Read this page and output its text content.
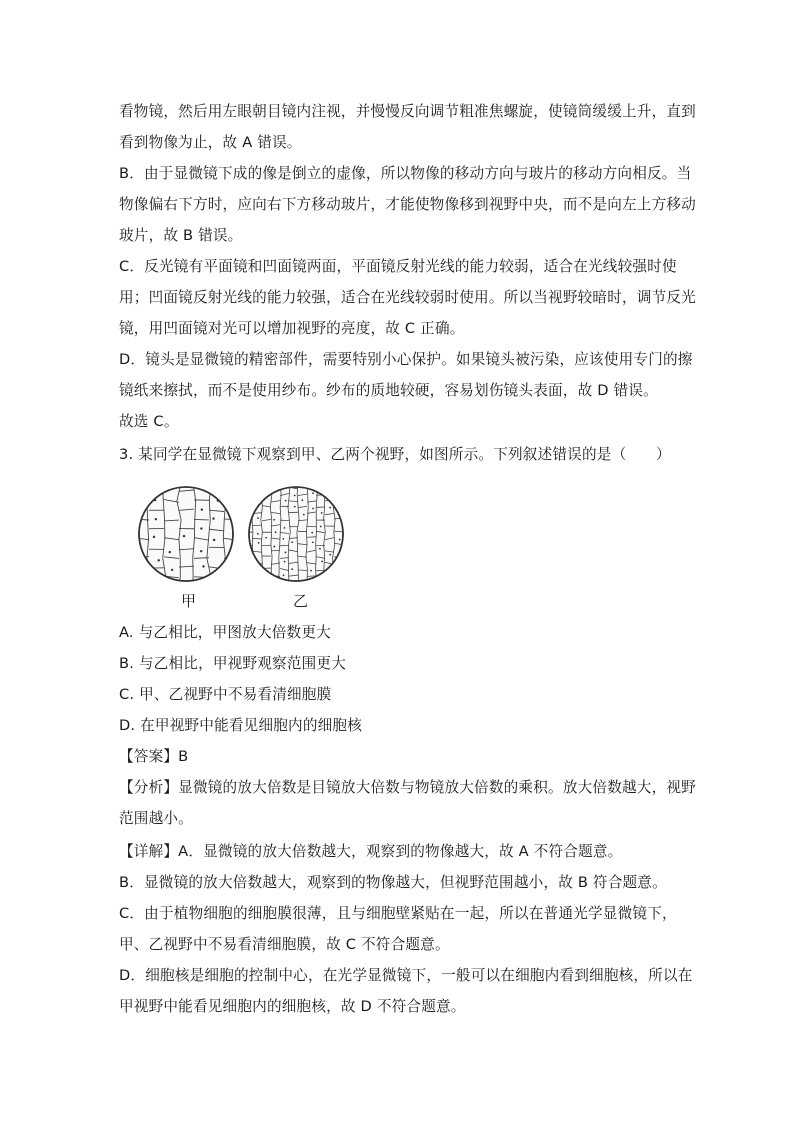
看物镜，然后用左眼朝目镜内注视，并慢慢反向调节粗准焦螺旋，使镜筒缓缓上升，直到
看到物像为止，故 A 错误。
B．由于显微镜下成的像是倒立的虚像，所以物像的移动方向与玻片的移动方向相反。当
物像偏右下方时，应向右下方移动玻片，才能使物像移到视野中央，而不是向左上方移动
玻片，故 B 错误。
C．反光镜有平面镜和凹面镜两面，平面镜反射光线的能力较弱，适合在光线较强时使
用；凹面镜反射光线的能力较强，适合在光线较弱时使用。所以当视野较暗时，调节反光
镜，用凹面镜对光可以增加视野的亮度，故 C 正确。
D．镜头是显微镜的精密部件，需要特别小心保护。如果镜头被污染，应该使用专门的擦
镜纸来擦拭，而不是使用纱布。纱布的质地较硬，容易划伤镜头表面，故 D 错误。
故选 C。
3. 某同学在显微镜下观察到甲、乙两个视野，如图所示。下列叙述错误的是（　　）
甲	乙
A. 与乙相比，甲图放大倍数更大
B. 与乙相比，甲视野观察范围更大
C. 甲、乙视野中不易看清细胞膜
D. 在甲视野中能看见细胞内的细胞核
【答案】B
【分析】显微镜的放大倍数是目镜放大倍数与物镜放大倍数的乘积。放大倍数越大，视野
范围越小。
【详解】A．显微镜的放大倍数越大，观察到的物像越大，故 A 不符合题意。
B．显微镜的放大倍数越大，观察到的物像越大，但视野范围越小，故 B 符合题意。
C．由于植物细胞的细胞膜很薄，且与细胞壁紧贴在一起，所以在普通光学显微镜下，
甲、乙视野中不易看清细胞膜，故 C 不符合题意。
D．细胞核是细胞的控制中心，在光学显微镜下，一般可以在细胞内看到细胞核，所以在
甲视野中能看见细胞内的细胞核，故 D 不符合题意。
